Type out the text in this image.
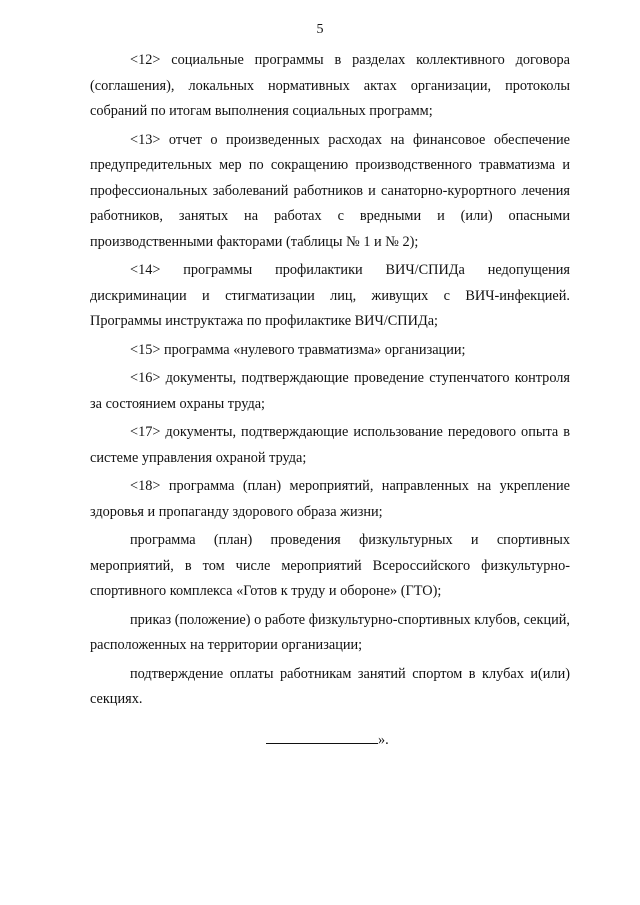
5

<12> социальные программы в разделах коллективного договора (соглашения), локальных нормативных актах организации, протоколы собраний по итогам выполнения социальных программ;

<13> отчет о произведенных расходах на финансовое обеспечение предупредительных мер по сокращению производственного травматизма и профессиональных заболеваний работников и санаторно-курортного лечения работников, занятых на работах с вредными и (или) опасными производственными факторами (таблицы № 1 и № 2);

<14> программы профилактики ВИЧ/СПИДа недопущения дискриминации и стигматизации лиц, живущих с ВИЧ-инфекцией. Программы инструктажа по профилактике ВИЧ/СПИДа;

<15> программа «нулевого травматизма» организации;

<16> документы, подтверждающие проведение ступенчатого контроля за состоянием охраны труда;

<17> документы, подтверждающие использование передового опыта в системе управления охраной труда;

<18> программа (план) мероприятий, направленных на укрепление здоровья и пропаганду здорового образа жизни;

программа (план) проведения физкультурных и спортивных мероприятий, в том числе мероприятий Всероссийского физкультурно-спортивного комплекса «Готов к труду и обороне» (ГТО);

приказ (положение) о работе физкультурно-спортивных клубов, секций, расположенных на территории организации;

подтверждение оплаты работникам занятий спортом в клубах и(или) секциях.

».
